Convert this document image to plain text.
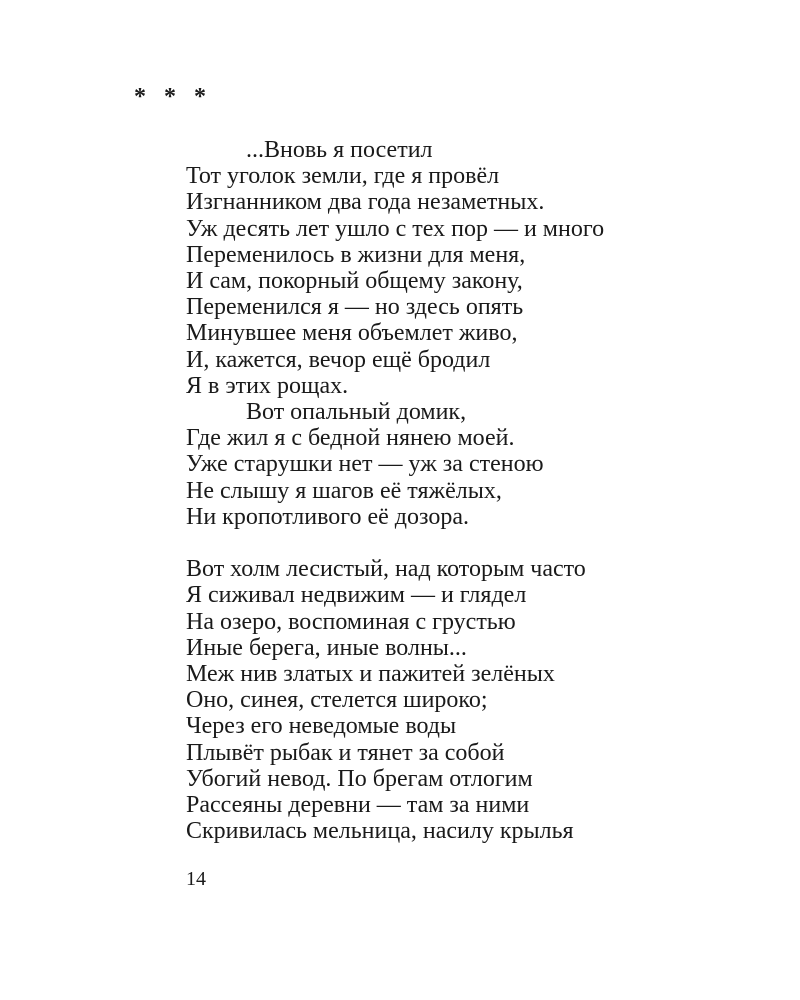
* * *

...Вновь я посетил
Тот уголок земли, где я провёл
Изгнанником два года незаметных.
Уж десять лет ушло с тех пор — и много
Переменилось в жизни для меня,
И сам, покорный общему закону,
Переменился я — но здесь опять
Минувшее меня объемлет живо,
И, кажется, вечор ещё бродил
Я в этих рощах.
Вот опальный домик,
Где жил я с бедной нянею моей.
Уже старушки нет — уж за стеною
Не слышу я шагов её тяжёлых,
Ни кропотливого её дозора.
Вот холм лесистый, над которым часто
Я сиживал недвижим — и глядел
На озеро, воспоминая с грустью
Иные берега, иные волны...
Меж нив златых и пажитей зелёных
Оно, синея, стелется широко;
Через его неведомые воды
Плывёт рыбак и тянет за собой
Убогий невод. По брегам отлогим
Рассеяны деревни — там за ними
Скривилась мельница, насилу крылья

14
